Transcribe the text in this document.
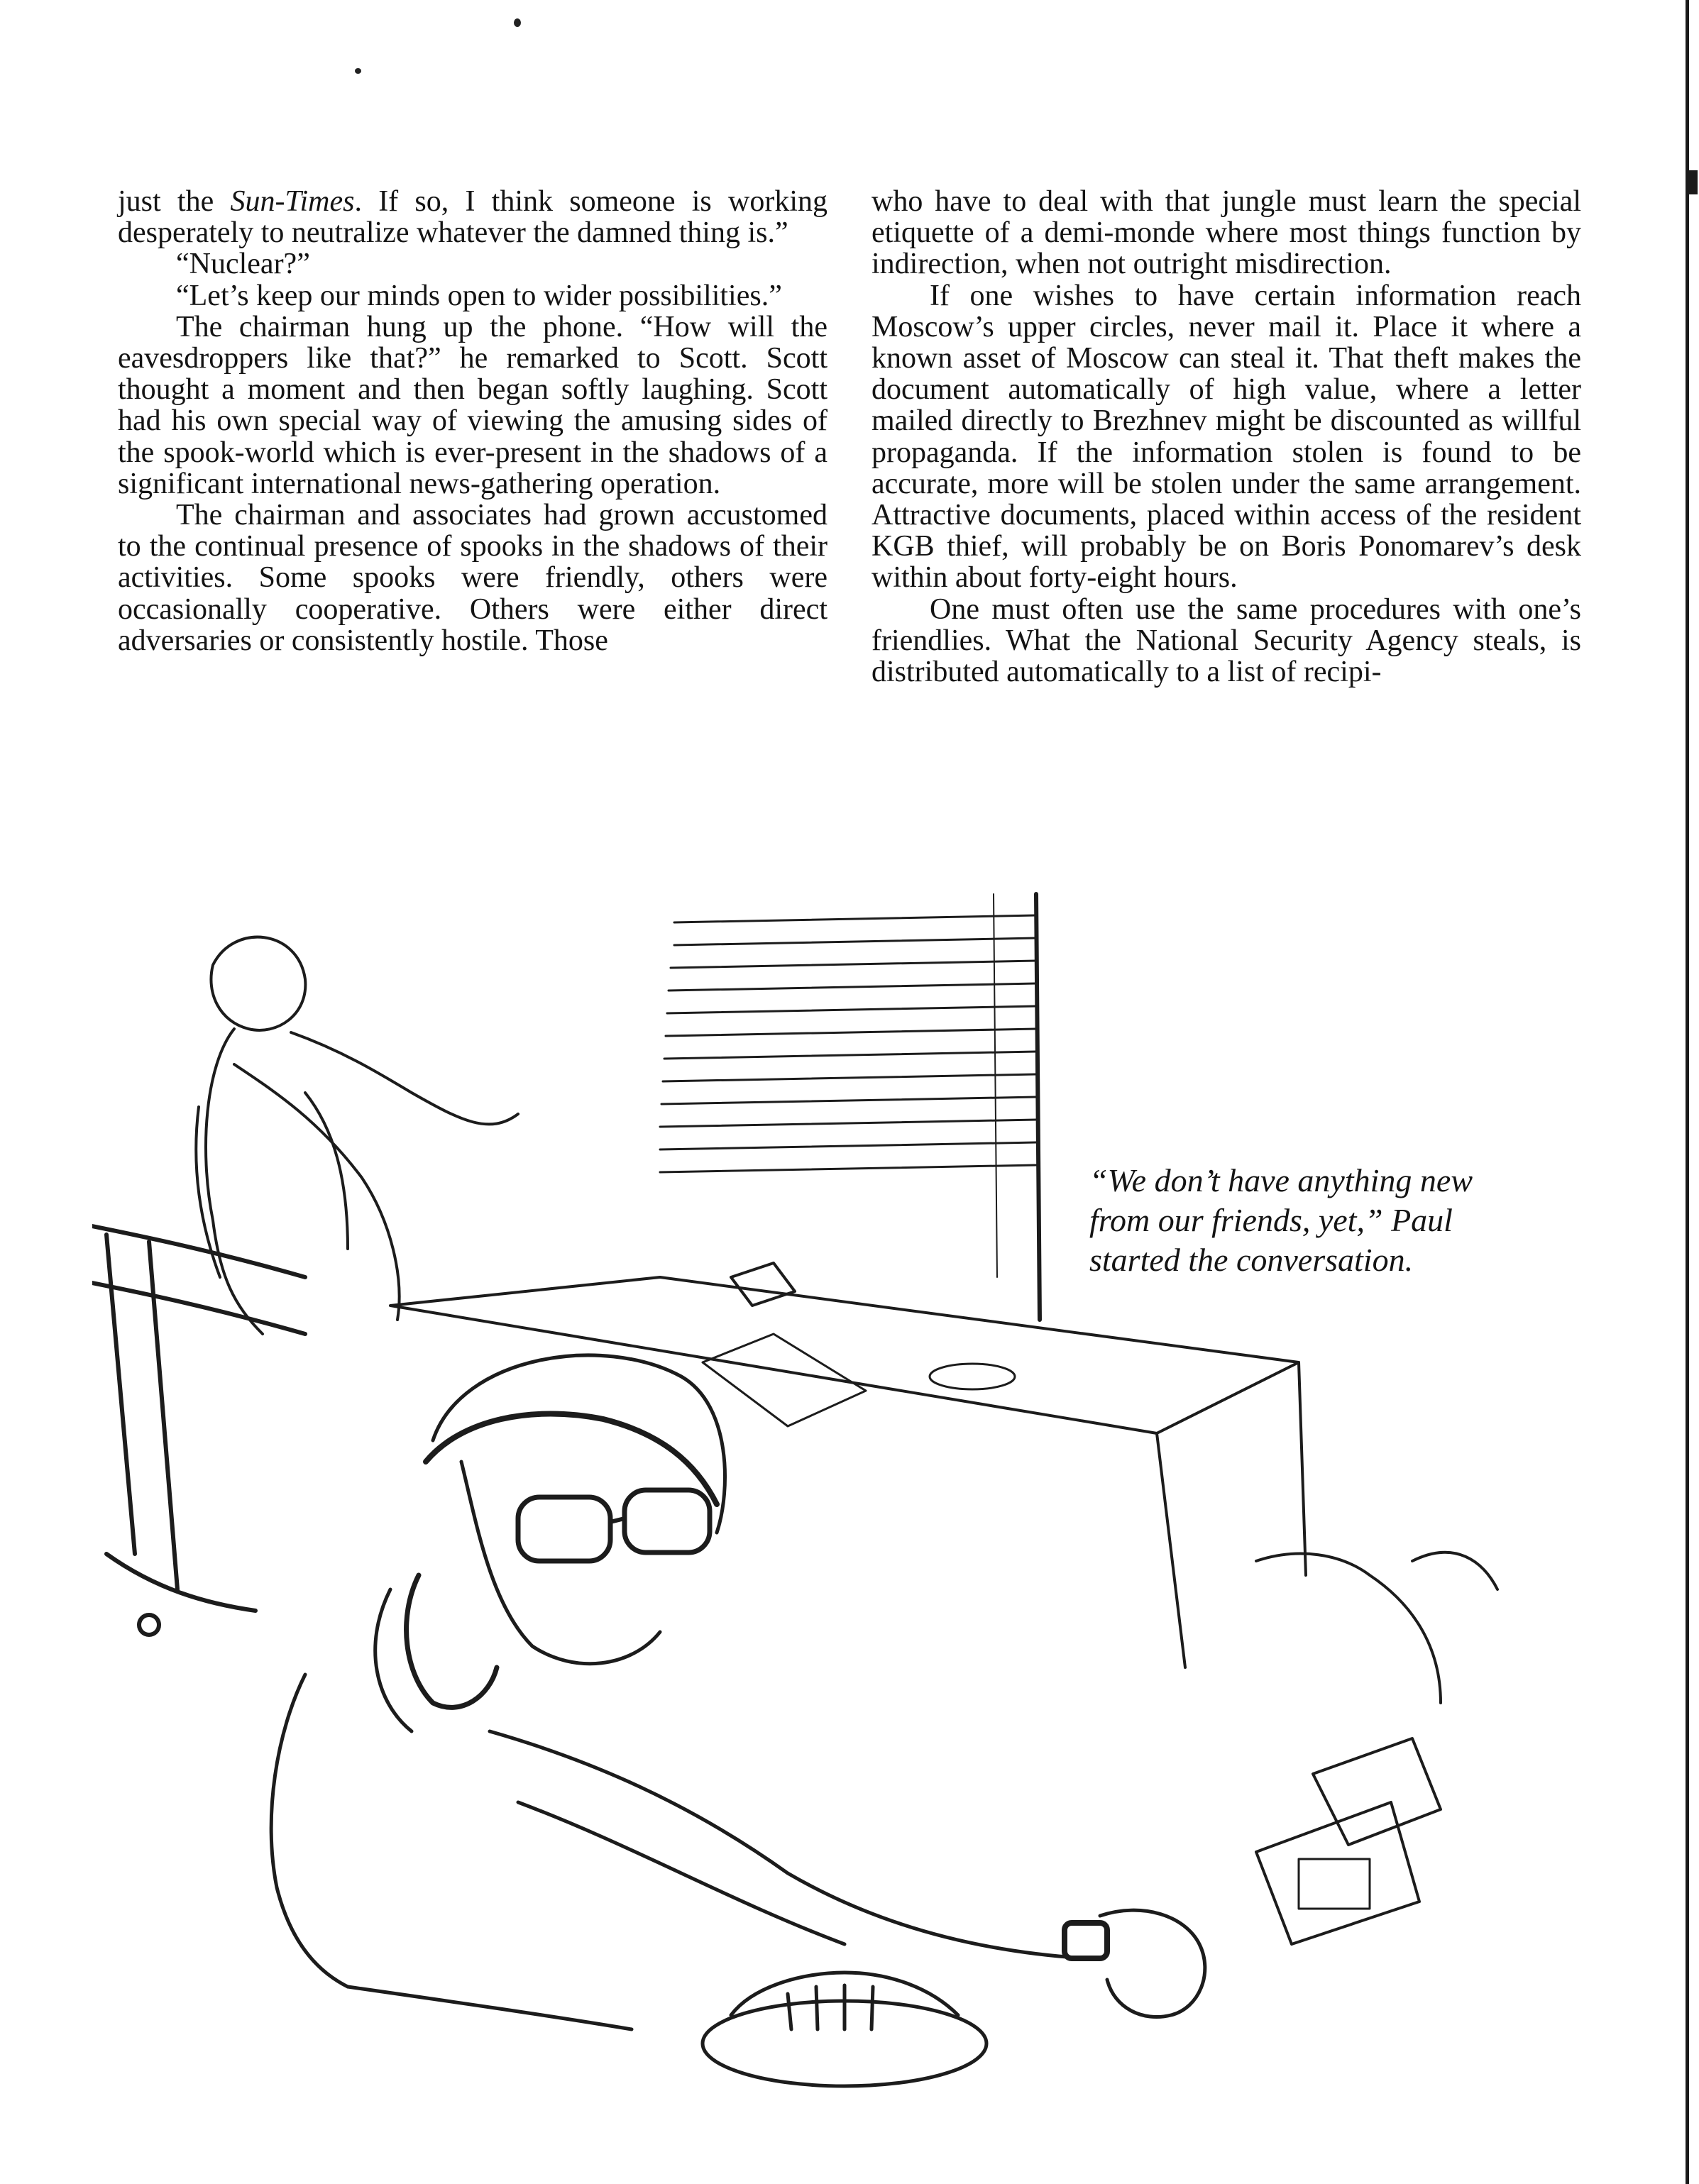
just the Sun-Times. If so, I think someone is working desperately to neutralize whatever the damned thing is.”

“Nuclear?”

“Let’s keep our minds open to wider possibilities.”

The chairman hung up the phone. “How will the eavesdroppers like that?” he remarked to Scott. Scott thought a moment and then began softly laughing. Scott had his own special way of viewing the amusing sides of the spook-world which is ever-present in the shadows of a significant international news-gathering operation.

The chairman and associates had grown accustomed to the continual presence of spooks in the shadows of their activities. Some spooks were friendly, others were occasionally cooperative. Others were either direct adversaries or consistently hostile. Those

who have to deal with that jungle must learn the special etiquette of a demi-monde where most things function by indirection, when not outright misdirection.

If one wishes to have certain information reach Moscow’s upper circles, never mail it. Place it where a known asset of Moscow can steal it. That theft makes the document automatically of high value, where a letter mailed directly to Brezhnev might be discounted as willful propaganda. If the information stolen is found to be accurate, more will be stolen under the same arrangement. Attractive documents, placed within access of the resident KGB thief, will probably be on Boris Ponomarev’s desk within about forty-eight hours.

One must often use the same procedures with one’s friendlies. What the National Security Agency steals, is distributed automatically to a list of recipi-

“We don’t have anything new
from our friends, yet,” Paul
started the conversation.
